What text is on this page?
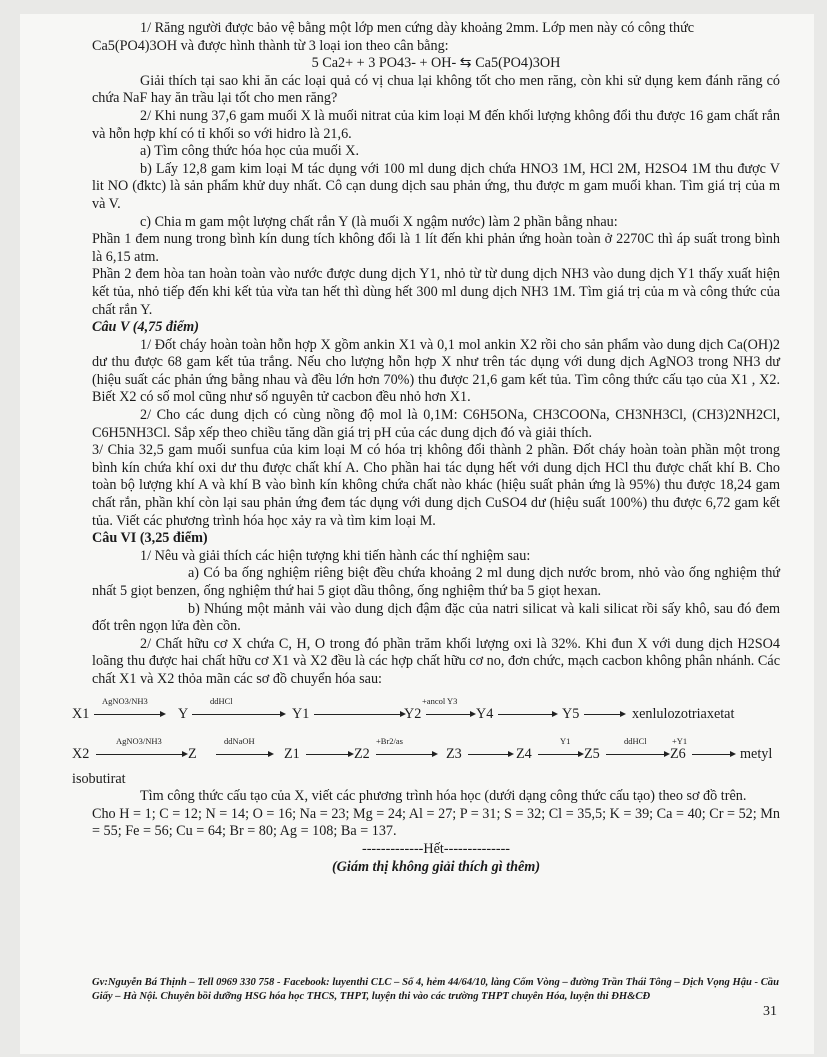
1/ Răng người được bảo vệ bằng một lớp men cứng dày khoảng 2mm. Lớp men này có công thức

Ca5(PO4)3OH và được hình thành từ 3 loại ion theo cân bằng:

5 Ca2+ + 3 PO43- + OH- ⇆ Ca5(PO4)3OH

Giải thích tại sao khi ăn các loại quả có vị chua lại không tốt cho men răng, còn khi sử dụng kem đánh răng có chứa NaF hay ăn trầu lại tốt cho men răng?

2/ Khi nung 37,6 gam muối X là muối nitrat của kim loại M đến khối lượng không đổi thu được 16 gam chất rắn và hỗn hợp khí có tỉ khối so với hidro là 21,6.

a) Tìm công thức hóa học của muối X.

b) Lấy 12,8 gam kim loại M tác dụng với 100 ml dung dịch chứa HNO3 1M, HCl 2M, H2SO4 1M thu được V lit NO (đktc) là sản phẩm khử duy nhất. Cô cạn dung dịch sau phản ứng, thu được m gam muối khan. Tìm giá trị của m và V.

c) Chia m gam một lượng chất rắn Y (là muối X ngậm nước) làm 2 phần bằng nhau:

Phần 1 đem nung trong bình kín dung tích không đổi là 1 lít đến khi phản ứng hoàn toàn ở 2270C thì áp suất trong bình là 6,15 atm.

Phần 2 đem hòa tan hoàn toàn vào nước được dung dịch Y1, nhỏ từ từ dung dịch NH3 vào dung dịch Y1 thấy xuất hiện kết tủa, nhỏ tiếp đến khi kết tủa vừa tan hết thì dùng hết 300 ml dung dịch NH3 1M. Tìm giá trị của m và công thức của chất rắn Y.

Câu V (4,75 điểm)

1/ Đốt cháy hoàn toàn hỗn hợp X gồm ankin X1 và 0,1 mol ankin X2 rồi cho sản phẩm vào dung dịch Ca(OH)2 dư thu được 68 gam kết tủa trắng. Nếu cho lượng hỗn hợp X như trên tác dụng với dung dịch AgNO3 trong NH3 dư (hiệu suất các phản ứng bằng nhau và đều lớn hơn 70%) thu được 21,6 gam kết tủa. Tìm công thức cấu tạo của X1 , X2. Biết X2 có số mol cũng như số nguyên tử cacbon đều nhỏ hơn X1.

2/ Cho các dung dịch có cùng nồng độ mol là 0,1M: C6H5ONa, CH3COONa, CH3NH3Cl, (CH3)2NH2Cl, C6H5NH3Cl. Sắp xếp theo chiều tăng dần giá trị pH của các dung dịch đó và giải thích.

3/ Chia 32,5 gam muối sunfua của kim loại M có hóa trị không đổi thành 2 phần. Đốt cháy hoàn toàn phần một trong bình kín chứa khí oxi dư thu được chất khí A. Cho phần hai tác dụng hết với dung dịch HCl thu được chất khí B. Cho toàn bộ lượng khí A và khí B vào bình kín không chứa chất nào khác (hiệu suất phản ứng là 95%) thu được 18,24 gam chất rắn, phần khí còn lại sau phản ứng đem tác dụng với dung dịch CuSO4 dư (hiệu suất 100%) thu được 6,72 gam kết tủa. Viết các phương trình hóa học xảy ra và tìm kim loại M.

Câu VI (3,25 điểm)

1/ Nêu và giải thích các hiện tượng khi tiến hành các thí nghiệm sau:

a) Có ba ống nghiệm riêng biệt đều chứa khoảng 2 ml dung dịch nước brom, nhỏ vào ống nghiệm thứ nhất 5 giọt benzen, ống nghiệm thứ hai 5 giọt dầu thông, ống nghiệm thứ ba 5 giọt hexan.

b) Nhúng một mảnh vải vào dung dịch đậm đặc của natri silicat và kali silicat rồi sấy khô, sau đó đem đốt trên ngọn lửa đèn cồn.

2/ Chất hữu cơ X chứa C, H, O trong đó phần trăm khối lượng oxi là 32%. Khi đun X với dung dịch H2SO4 loãng thu được hai chất hữu cơ X1 và X2 đều là các hợp chất hữu cơ no, đơn chức, mạch cacbon không phân nhánh. Các chất X1 và X2 thỏa mãn các sơ đồ chuyển hóa sau:

X1
AgNO3/NH3
Y
ddHCl
Y1	Y2
+ancol Y3
Y4	Y5	xenlulozotriaxetat
X2
AgNO3/NH3
Z
ddNaOH
Z1	Z2
+Br2/as
Z3	Z4
Y1
Z5
ddHCl
Z6
+Y1
metyl

isobutirat

Tìm công thức cấu tạo của X, viết các phương trình hóa học (dưới dạng công thức cấu tạo) theo sơ đồ trên.

Cho H = 1; C = 12; N = 14; O = 16; Na = 23; Mg = 24; Al = 27; P = 31; S = 32; Cl = 35,5; K = 39; Ca = 40; Cr = 52; Mn = 55; Fe = 56; Cu = 64; Br = 80; Ag = 108; Ba = 137.

-------------Hết--------------

(Giám thị không giải thích gì thêm)

Gv:Nguyễn Bá Thịnh – Tell 0969 330 758 - Facebook: luyenthi CLC – Số 4, hẻm 44/64/10, làng Cốm Vòng – đường Trần Thái Tông – Dịch Vọng Hậu - Cầu Giấy – Hà Nội. Chuyên bồi dưỡng HSG hóa học THCS, THPT, luyện thi vào các trường THPT chuyên Hóa, luyện thi ĐH&CĐ
31
